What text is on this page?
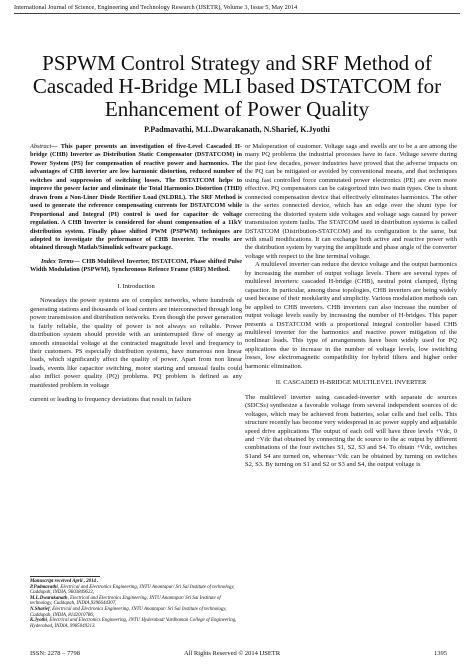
International Journal of Science, Engineering and Technology Research (IJSETR), Volume 3, Issue 5, May 2014
PSPWM Control Strategy and SRF Method of Cascaded H-Bridge MLI based DSTATCOM for Enhancement of Power Quality
P.Padmavathi, M.L.Dwarakanath, N.Sharief, K.Jyothi

Abstract— This paper presents an investigation of five-Level Cascaded H-bridge (CHB) Inverter as Distribution Static Compensator (DSTATCOM) in Power System (PS) for compensation of reactive power and harmonics. The advantages of CHB inverter are low harmonic distortion, reduced number of switches and suppression of switching losses. The DSTATCOM helps to improve the power factor and eliminate the Total Harmonics Distortion (THD) drawn from a Non-Liner Diode Rectifier Load (NLDRL). The SRF Method is used to generate the reference compensating currents for DSTATCOM while Proportional and Integral (PI) control is used for capacitor dc voltage regulation. A CHB Inverter is considered for shunt compensation of a 11kV distribution system. Finally phase shifted PWM (PSPWM) techniques are adopted to investigate the performance of CHB Inverter. The results are obtained through Matlab/Simulink software package.

Index Terms— CHB Multilevel Inverter, DSTATCOM, Phase shifted Pulse Width Modulation (PSPWM), Synchronous Refence Frame (SRF) Method.

I. Introduction

Nowadays the power systems are of complex networks, where hundreds of generating stations and thousands of load centers are interconnected through long power transmission and distribution networks. Even though the power generation is fairly reliable, the quality of power is not always so reliable. Power distribution system should provide with an uninterrupted flow of energy at smooth sinusoidal voltage at the contracted magnitude level and frequency to their customers. PS especially distribution systems, have numerous non linear loads, which significantly affect the quality of power. Apart from non linear loads, events like capacitor switching, motor starting and unusual faults could also inflict power quality (PQ) problems. PQ problem is defined as any manifested problem in voltage

current or leading to frequency deviations that result in failure

Manuscript received April , 2014 .
P.Padmavathi, Electrical and Electronics Engineering, JNTU Anantapur/ Sri Sai Institute of technology, Cuddapah, INDIA, 9603849622,
M.L.Dwarakanath, Electrical and Electronics Engineering, JNTU Anantapur/ Sri Sai Institute of technology, Cuddapah, INDIA,9396644307,
N.Sharief, Electrical and Electronics Engineering, JNTU Anantapur/ Sri Sai Institute of technology, Cuddapah, INDIA, 8142010786,
K.Jyothi, Electrical and Electronics Engineering, JNTU Hyderabad/ Vardhaman College of Engineering, Hyderabad, INDIA, 9985049213.

or Maloperation of customer. Voltage sags and swells are to be a are among the many PQ problems the industrial processes have to face. Voltage severe during the past few decades, power industries have proved that the adverse impacts on the PQ can be mitigated or avoided by conventional means, and that techniques using fast controlled force commutated power electronics (PE) are even more effective. PQ compensators can be categorized into two main types. One is shunt connected compensation device that effectively eliminates harmonics. The other is the series connected device, which has an edge over the shunt type for correcting the distorted system side voltages and voltage sags caused by power transmission system faults. The STATCOM used in distribution systems is called DSTATCOM (Distribution-STATCOM) and its configuration is the same, but with small modifications. It can exchange both active and reactive power with the distribution system by varying the amplitude and phase angle of the converter voltage with respect to the line terminal voltage.

A multilevel inverter can reduce the device voltage and the output harmonics by increasing the number of output voltage levels. There are several types of multilevel inverters: cascaded H-bridge (CHB), neutral point clamped, flying capacitor. In particular, among these topologies, CHB inverters are being widely used because of their modularity and simplicity. Various modulation methods can be applied to CHB inverters. CHB inverters can also increase the number of output voltage levels easily by increasing the number of H-bridges. This paper presents a DSTATCOM with a proportional integral controller based CHB multilevel inverter for the harmonics and reactive power mitigation of the nonlinear loads. This type of arrangements have been widely used for PQ applications due to increase in the number of voltage levels, low switching losses, low electromagnetic compatibility for hybrid filters and higher order harmonic elimination.

II. CASCADED H-BRIDGE MULTILEVEL INVERTER

The multilevel inverter using cascaded-inverter with separate dc sources (SDCSs) synthesize a favorable voltage from several independent sources of dc voltages, which may be achieved from batteries, solar cells and fuel cells. This structure recently has become very widespread in ac power supply and adjustable speed drive applications The output of each cell will have three levels +Vdc, 0 and −Vdc that obtained by connecting the dc source to the ac output by different combinations of the four switches S1, S2, S3 and S4. To obtain +Vdc, switches S1and S4 are turned on, whereas−Vdc can be obtained by turning on switches S2, S3. By turning on S1 and S2 or S3 and S4, the output voltage is

ISSN: 2278 – 7798	All Rights Reserved © 2014 IJSETR	1395
